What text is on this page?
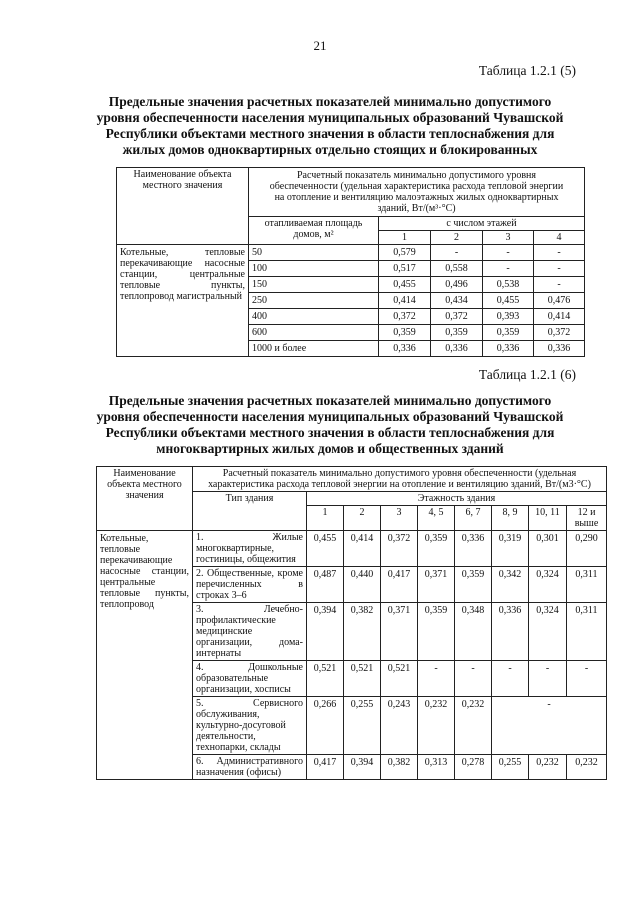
21
Таблица 1.2.1 (5)
Предельные значения расчетных показателей минимально допустимого уровня обеспеченности населения муниципальных образований Чувашской Республики объектами местного значения в области теплоснабжения для жилых домов одноквартирных отдельно стоящих и блокированных
Наименование объекта местного значения	Расчетный показатель минимально допустимого уровня обеспеченности (удельная характеристика расхода тепловой энергии на отопление и вентиляцию малоэтажных жилых одноквартирных зданий, Вт/(м³·°С)				
	отапливаемая площадь домов, м²	с числом этажей			
		1	2	3	4
Котельные, тепловые перекачивающие насосные станции, центральные тепловые пункты, теплопровод магистральный	50	0,579	-	-	-
	100	0,517	0,558	-	-
	150	0,455	0,496	0,538	-
	250	0,414	0,434	0,455	0,476
	400	0,372	0,372	0,393	0,414
	600	0,359	0,359	0,359	0,372
	1000 и более	0,336	0,336	0,336	0,336
Таблица 1.2.1 (6)
Предельные значения расчетных показателей минимально допустимого уровня обеспеченности населения муниципальных образований Чувашской Республики объектами местного значения в области теплоснабжения для многоквартирных жилых домов и общественных зданий
Наименование объекта местного значения	Расчетный показатель минимально допустимого уровня обеспеченности (удельная характеристика расхода тепловой энергии на отопление и вентиляцию зданий, Вт/(м3·°С)								
	Тип здания	Этажность здания							
		1	2	3	4, 5	6, 7	8, 9	10, 11	12 и выше
Котельные, тепловые перекачивающие насосные станции, центральные тепловые пункты, теплопровод	1. Жилые многоквартирные, гостиницы, общежития	0,455	0,414	0,372	0,359	0,336	0,319	0,301	0,290
	2. Общественные, кроме перечисленных в строках 3–6	0,487	0,440	0,417	0,371	0,359	0,342	0,324	0,311
	3. Лечебно-профилактические медицинские организации, дома-интернаты	0,394	0,382	0,371	0,359	0,348	0,336	0,324	0,311
	4. Дошкольные образовательные организации, хосписы	0,521	0,521	0,521	-	-	-	-	-
	5. Сервисного обслуживания, культурно-досуговой деятельности, технопарки, склады	0,266	0,255	0,243	0,232	0,232	-		
	6. Административного назначения (офисы)	0,417	0,394	0,382	0,313	0,278	0,255	0,232	0,232
